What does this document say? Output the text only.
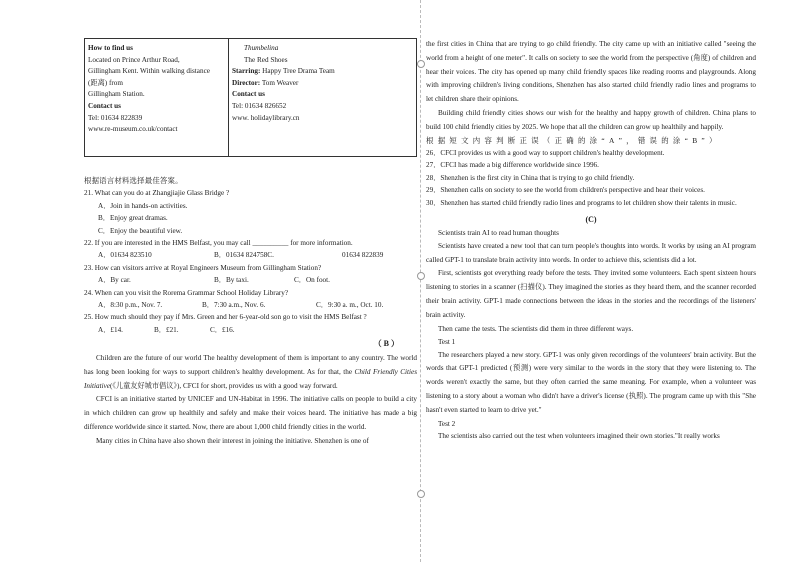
How to find us
Located on Prince Arthur Road,
Gillingham Kent. Within walking distance
(距离) from
Gillingham Station.
Contact us
Tel: 01634 822839
www.re-museum.co.uk/contact
Thumbelina
The Red Shoes
Starring: Happy Tree Drama Team
Director: Tom Weaver
Contact us
Tel: 01634 826652
www. holidaylibrary.cn
根据语言材料选择最佳答案。
21. What can you do at Zhangjiajie Glass Bridge ?
A．Join in hands-on activities.
B．Enjoy great dramas.
C．Enjoy the beautiful view.
22. If you are interested in the HMS Belfast, you may call __________ for more information.
A．01634 823510	B．01634 824758C.	01634 822839
23. How can visitors arrive at Royal Engineers Museum from Gillingham Station?
A．By car.	B．By taxi.	C．On foot.
24. When can you visit the Rorema Grammar School Holiday Library?
A．8:30 p.m., Nov. 7.	B．7:30 a.m., Nov. 6.	C．9:30 a. m., Oct. 10.
25. How much should they pay if Mrs. Green and her 6-year-old son go to visit the HMS Belfast ?
A．£14.	B．£21.	C．£16.
（ B ）

Children are the future of our world The healthy development of them is important to any country. The world has long been looking for ways to support children's healthy development. As for that, the Child Friendly Cities Initiative(《儿童友好城市倡议》), CFCI for short, provides us with a good way forward.

CFCI is an initiative started by UNICEF and UN-Habitat in 1996. The initiative calls on people to build a city in which children can grow up healthily and safely and make their voices heard. The initiative has made a big difference worldwide since it started. Now, there are about 1,000 child friendly cities in the world.

Many cities in China have also shown their interest in joining the initiative. Shenzhen is one of

the first cities in China that are trying to go child friendly. The city came up with an initiative called "seeing the world from a height of one meter". It calls on society to see the world from the perspective (角度) of children and hear their voices. The city has opened up many child friendly spaces like reading rooms and playgrounds. Along with improving children's living conditions, Shenzhen has also started child friendly radio lines and programs to let children share their opinions.

Building child friendly cities shows our wish for the healthy and happy growth of children. China plans to build 100 child friendly cities by 2025. We hope that all the children can grow up healthily and happily.

根据短文内容判断正误（正确的涂“A”，错误的涂“B”）
26．CFCI provides us with a good way to support children's healthy development.
27．CFCI has made a big difference worldwide since 1996.
28．Shenzhen is the first city in China that is trying to go child friendly.
29．Shenzhen calls on society to see the world from children's perspective and hear their voices.

30．Shenzhen has started child friendly radio lines and programs to let children show their talents in music.

(C)
Scientists train AI to read human thoughts

Scientists have created a new tool that can turn people's thoughts into words. It works by using an AI program called GPT-1 to translate brain activity into words. In order to achieve this, scientists did a lot.

First, scientists got everything ready before the tests. They invited some volunteers. Each spent sixteen hours listening to stories in a scanner (扫描仪). They imagined the stories as they heard them, and the scanner recorded their brain activity. GPT-1 made connections between the ideas in the stories and the recordings of the listeners' brain activity.

Then came the tests. The scientists did them in three different ways.

Test 1

The researchers played a new story. GPT-1 was only given recordings of the volunteers' brain activity. But the words that GPT-1 predicted (预测) were very similar to the words in the story that they were listening to. The words weren't exactly the same, but they often carried the same meaning. For example, when a volunteer was listening to a story about a woman who didn't have a driver's license (执照). The program came up with this "She hasn't even started to learn to drive yet."

Test 2

The scientists also carried out the test when volunteers imagined their own stories."It really works
